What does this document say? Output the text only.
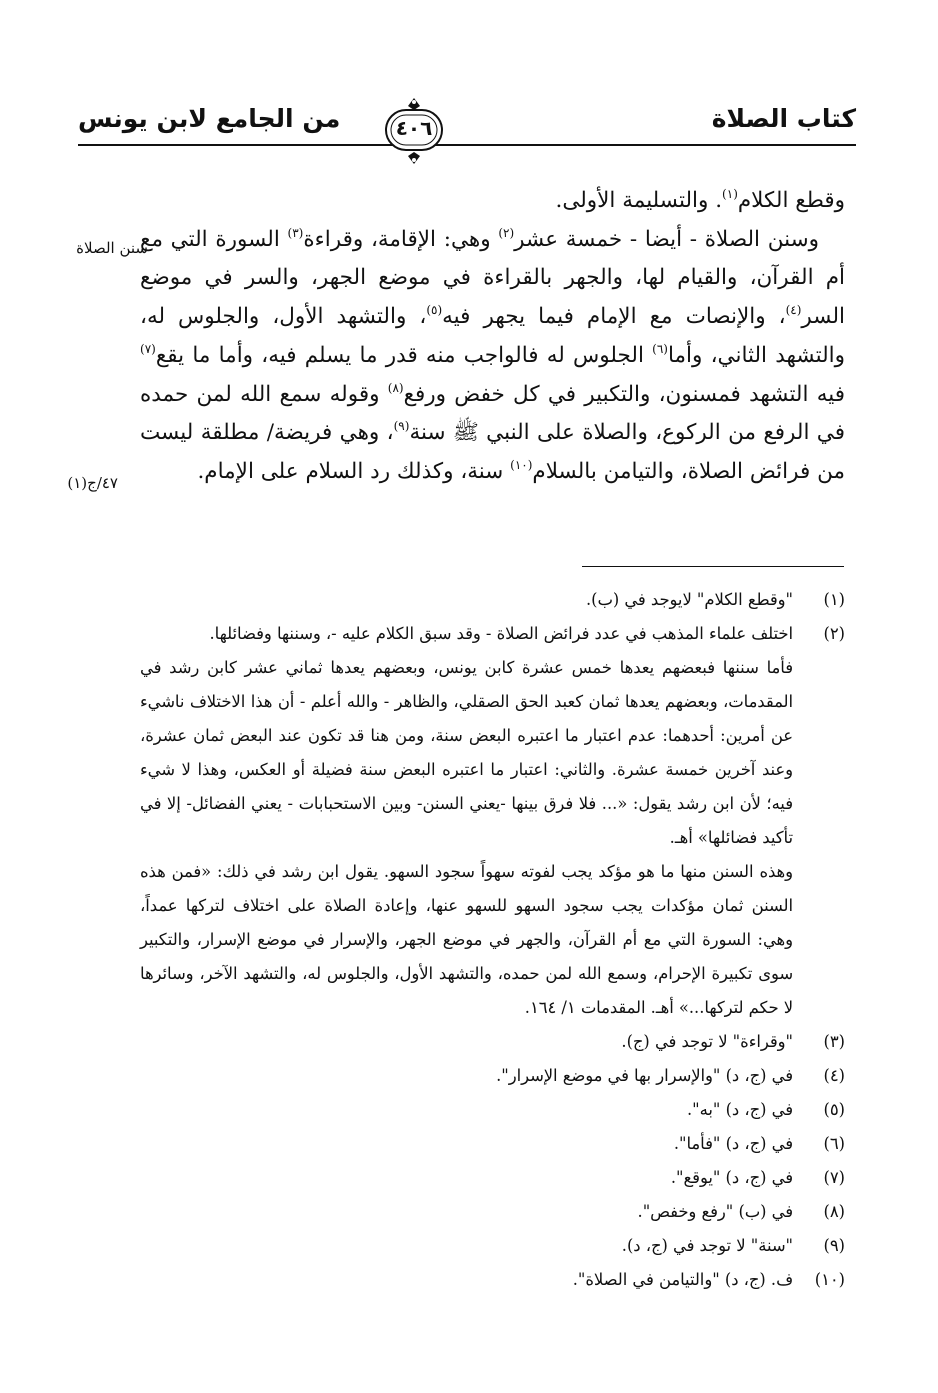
كتاب الصلاة
٤٠٦
من الجامع لابن يونس
سنن الصلاة
٤٧/ج(١)

وقطع الكلام$^{(١)}$. والتسليمة الأولى.

وسنن الصلاة - أيضا - خمسة عشر$^{(٢)}$ وهي: الإقامة، وقراءة$^{(٣)}$ السورة التي مع أم القرآن، والقيام لها، والجهر بالقراءة في موضع الجهر، والسر في موضع السر$^{(٤)}$، والإنصات مع الإمام فيما يجهر فيه$^{(٥)}$، والتشهد الأول، والجلوس له، والتشهد الثاني، وأما$^{(٦)}$ الجلوس له فالواجب منه قدر ما يسلم فيه، وأما ما يقع$^{(٧)}$ فيه التشهد فمسنون، والتكبير في كل خفض ورفع$^{(٨)}$ وقوله سمع الله لمن حمده في الرفع من الركوع، والصلاة على النبي ﷺ سنة$^{(٩)}$، وهي فريضة/ مطلقة ليست من فرائض الصلاة، والتيامن بالسلام$^{(١٠)}$ سنة، وكذلك رد السلام على الإمام.

(١)
"وقطع الكلام" لايوجد في (ب).
(٢)
اختلف علماء المذهب في عدد فرائض الصلاة - وقد سبق الكلام عليه -، وسننها وفضائلها.
فأما سننها فبعضهم يعدها خمس عشرة كابن يونس، وبعضهم يعدها ثماني عشر كابن رشد في المقدمات، وبعضهم يعدها ثمان كعبد الحق الصقلي، والظاهر - والله أعلم - أن هذا الاختلاف ناشيء عن أمرين: أحدهما: عدم اعتبار ما اعتبره البعض سنة، ومن هنا قد تكون عند البعض ثمان عشرة، وعند آخرين خمسة عشرة. والثاني: اعتبار ما اعتبره البعض سنة فضيلة أو العكس، وهذا لا شيء فيه؛ لأن ابن رشد يقول: «... فلا فرق بينها -يعني السنن- وبين الاستحبابات - يعني الفضائل- إلا في تأكيد فضائلها» أهـ.
وهذه السنن منها ما هو مؤكد يجب لفوته سهواً سجود السهو. يقول ابن رشد في ذلك: «فمن هذه السنن ثمان مؤكدات يجب سجود السهو للسهو عنها، وإعادة الصلاة على اختلاف لتركها عمداً، وهي: السورة التي مع أم القرآن، والجهر في موضع الجهر، والإسرار في موضع الإسرار، والتكبير سوى تكبيرة الإحرام، وسمع الله لمن حمده، والتشهد الأول، والجلوس له، والتشهد الآخر، وسائرها لا حكم لتركها...» أهـ. المقدمات ١/ ١٦٤.
(٣)
"وقراءة" لا توجد في (ج).
(٤)
في (ج، د) "والإسرار بها في موضع الإسرار".
(٥)
في (ج، د) "به".
(٦)
في (ج، د) "فأما".
(٧)
في (ج، د) "يوقع".
(٨)
في (ب) "رفع وخفص".
(٩)
"سنة" لا توجد في (ج، د).
(١٠)
ف. (ج، د) "والتيامن في الصلاة".
